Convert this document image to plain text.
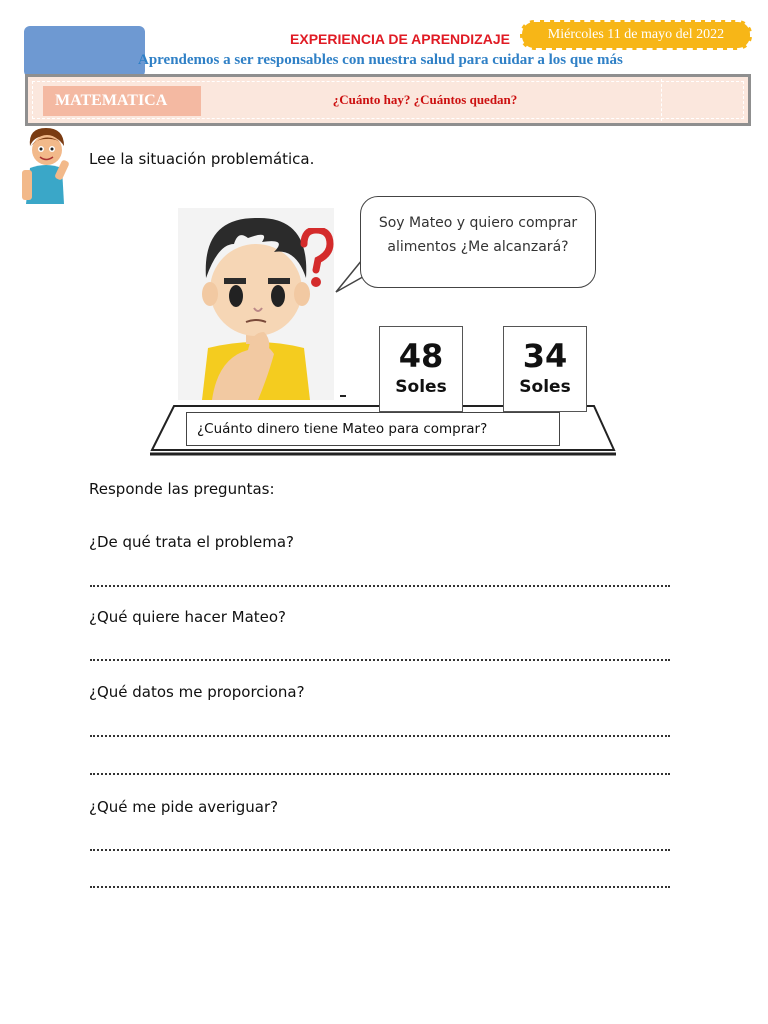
EXPERIENCIA DE APRENDIZAJE	Miércoles 11 de mayo del 2022
Aprendemos a ser responsables con nuestra salud para cuidar a los que más
MATEMATICA	¿Cuánto hay? ¿Cuántos quedan?
Lee la situación problemática.
Soy Mateo y quiero comprar
alimentos ¿Me alcanzará?
48
Soles
34
Soles
¿Cuánto dinero tiene Mateo para comprar?
Responde las preguntas:
¿De qué trata el problema?
¿Qué quiere hacer Mateo?
¿Qué datos me proporciona?
¿Qué me pide averiguar?
